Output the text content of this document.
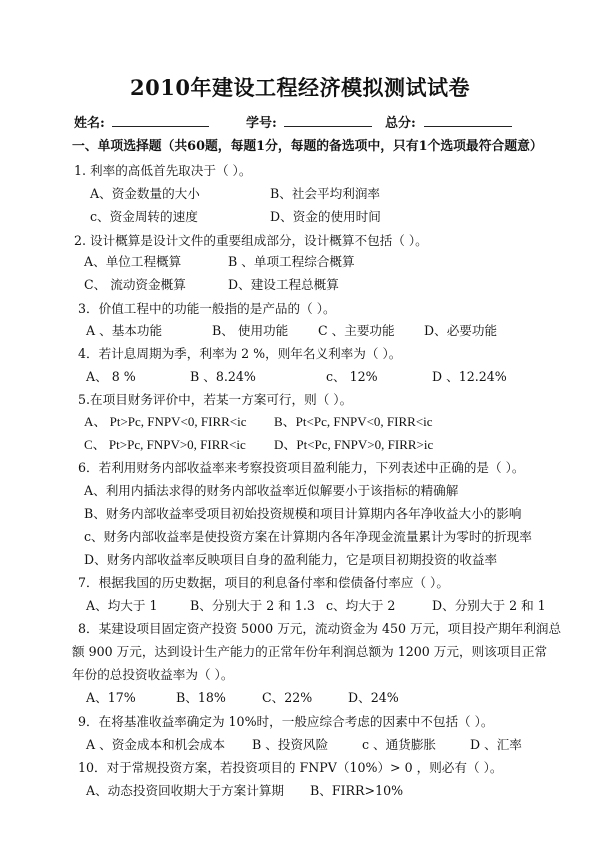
2010年建设工程经济模拟测试试卷
姓名:	学号:	总分:
一、单项选择题（共60题，每题1分，每题的备选项中，只有1个选项最符合题意）
1. 利率的高低首先取决于（ ）。
A、资金数量的大小	B、社会平均利润率
c、资金周转的速度	D、资金的使用时间
2. 设计概算是设计文件的重要组成部分，设计概算不包括（ ）。
A、单位工程概算	B 、单项工程综合概算
C、 流动资金概算	D、建设工程总概算
3．价值工程中的功能一般指的是产品的（ ）。
A 、基本功能	B、 使用功能 C 、主要功能 D、必要功能
4．若计息周期为季，利率为 2 %，则年名义利率为（ ）。
A、 8 %	B 、8.24%	c、 12%	D 、12.24%
5.在项目财务评价中，若某一方案可行，则（ ）。
A、 Pt>Pc, FNPV<0, FIRR<ic B、Pt<Pc, FNPV<0, FIRR<ic
C、 Pt>Pc, FNPV>0, FIRR<ic D、Pt<Pc, FNPV>0, FIRR>ic
6．若利用财务内部收益率来考察投资项目盈利能力，下列表述中正确的是（ ）。
A、利用内插法求得的财务内部收益率近似解要小于该指标的精确解
B、财务内部收益率受项目初始投资规模和项目计算期内各年净收益大小的影响
c、财务内部收益率是使投资方案在计算期内各年净现金流量累计为零时的折现率
D、财务内部收益率反映项目自身的盈利能力，它是项目初期投资的收益率
7．根据我国的历史数据，项目的利息备付率和偿债备付率应（ ）。
A、均大于 1	B、分别大于 2 和 1.3 c、均大于 2	D、分别大于 2 和 1
8．某建设项目固定资产投资 5000 万元，流动资金为 450 万元，项目投产期年利润总
额 900 万元，达到设计生产能力的正常年份年利润总额为 1200 万元，则该项目正常
年份的总投资收益率为（ ）。
A、17%	B、18%	C、22%	D、24%
9．在将基准收益率确定为 10%时，一般应综合考虑的因素中不包括（ ）。
A 、资金成本和机会成本 B 、投资风险	c 、通货膨胀	D 、汇率
10．对于常规投资方案，若投资项目的 FNPV（10%）> 0 ，则必有（ ）。
A、动态投资回收期大于方案计算期 B、FIRR>10%
